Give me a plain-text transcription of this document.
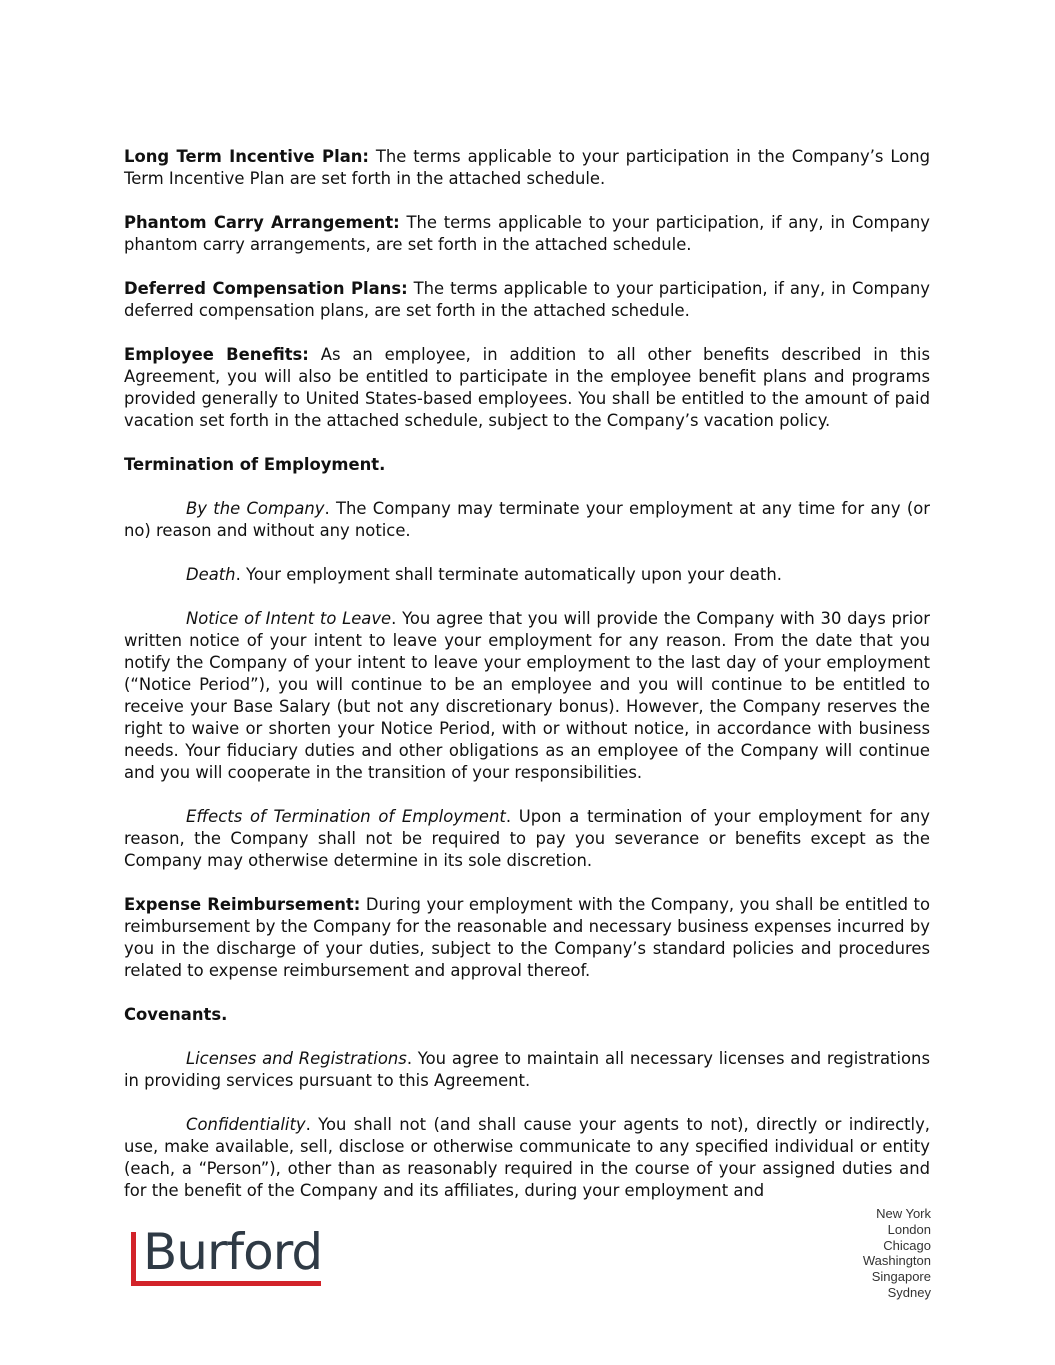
Long Term Incentive Plan: The terms applicable to your participation in the Company’s Long Term Incentive Plan are set forth in the attached schedule.

Phantom Carry Arrangement: The terms applicable to your participation, if any, in Company phantom carry arrangements, are set forth in the attached schedule.

Deferred Compensation Plans: The terms applicable to your participation, if any, in Company deferred compensation plans, are set forth in the attached schedule.

Employee Benefits: As an employee, in addition to all other benefits described in this Agreement, you will also be entitled to participate in the employee benefit plans and programs provided generally to United States-based employees. You shall be entitled to the amount of paid vacation set forth in the attached schedule, subject to the Company’s vacation policy.

Termination of Employment.

By the Company. The Company may terminate your employment at any time for any (or no) reason and without any notice.

Death. Your employment shall terminate automatically upon your death.

Notice of Intent to Leave. You agree that you will provide the Company with 30 days prior written notice of your intent to leave your employment for any reason. From the date that you notify the Company of your intent to leave your employment to the last day of your employment (“Notice Period”), you will continue to be an employee and you will continue to be entitled to receive your Base Salary (but not any discretionary bonus). However, the Company reserves the right to waive or shorten your Notice Period, with or without notice, in accordance with business needs. Your fiduciary duties and other obligations as an employee of the Company will continue and you will cooperate in the transition of your responsibilities.

Effects of Termination of Employment. Upon a termination of your employment for any reason, the Company shall not be required to pay you severance or benefits except as the Company may otherwise determine in its sole discretion.

Expense Reimbursement: During your employment with the Company, you shall be entitled to reimbursement by the Company for the reasonable and necessary business expenses incurred by you in the discharge of your duties, subject to the Company’s standard policies and procedures related to expense reimbursement and approval thereof.

Covenants.

Licenses and Registrations. You agree to maintain all necessary licenses and registrations in providing services pursuant to this Agreement.

Confidentiality. You shall not (and shall cause your agents to not), directly or indirectly, use, make available, sell, disclose or otherwise communicate to any specified individual or entity (each, a “Person”), other than as reasonably required in the course of your assigned duties and for the benefit of the Company and its affiliates, during your employment and

Burford
New York
London
Chicago
Washington
Singapore
Sydney
